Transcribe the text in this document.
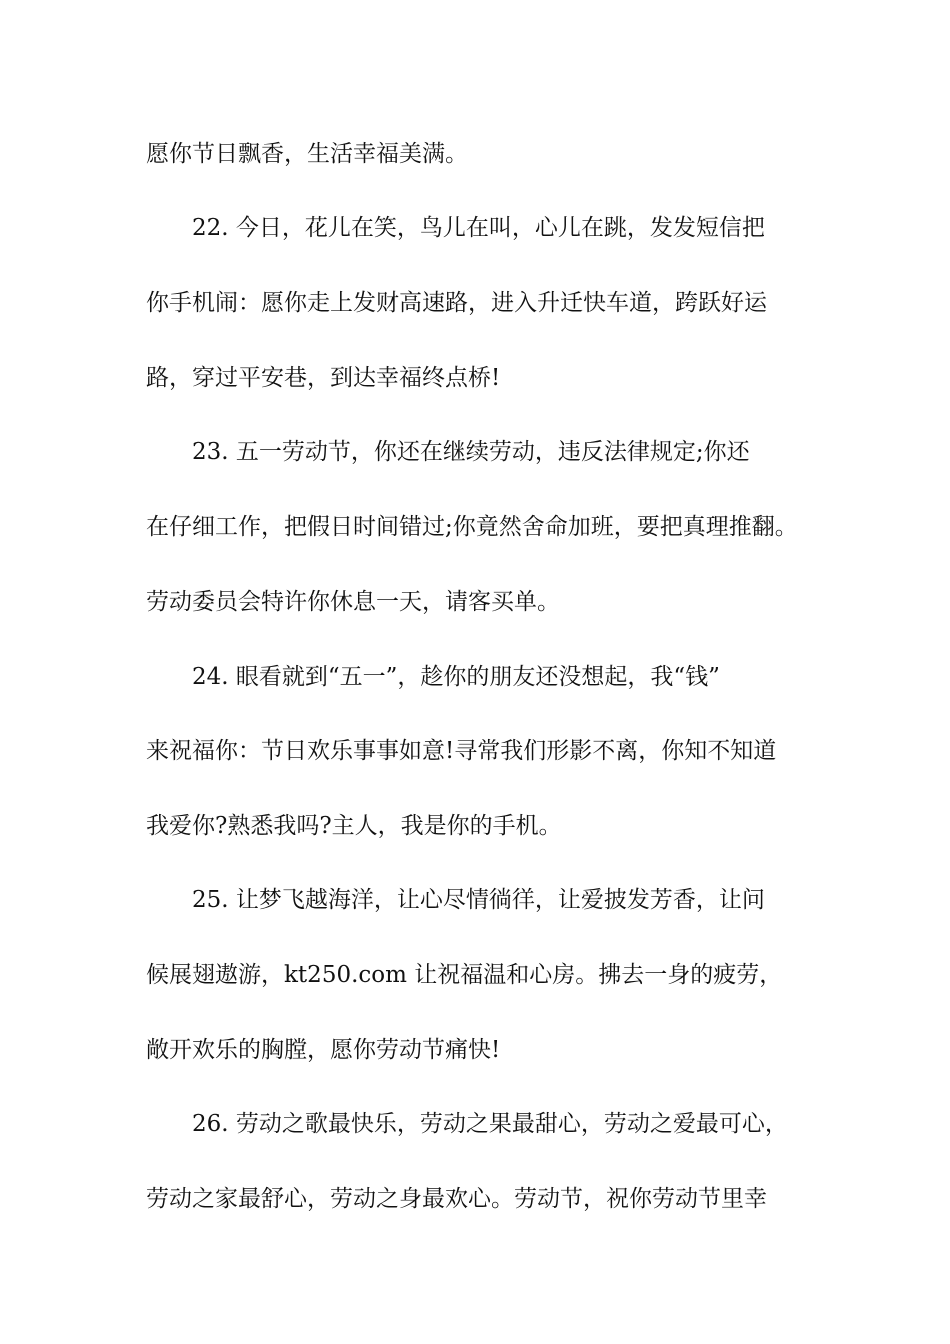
愿你节日飘香，生活幸福美满。
22. 今日，花儿在笑，鸟儿在叫，心儿在跳，发发短信把
你手机闹：愿你走上发财高速路，进入升迁快车道，跨跃好运
路，穿过平安巷，到达幸福终点桥!
23. 五一劳动节，你还在继续劳动，违反法律规定;你还
在仔细工作，把假日时间错过;你竟然舍命加班，要把真理推翻。
劳动委员会特许你休息一天，请客买单。
24. 眼看就到“五一”，趁你的朋友还没想起，我“钱”
来祝福你：节日欢乐事事如意!寻常我们形影不离，你知不知道
我爱你?熟悉我吗?主人，我是你的手机。
25. 让梦飞越海洋，让心尽情徜徉，让爱披发芳香，让问
候展翅遨游，kt250.com 让祝福温和心房。拂去一身的疲劳，
敞开欢乐的胸膛，愿你劳动节痛快!
26. 劳动之歌最快乐，劳动之果最甜心，劳动之爱最可心，
劳动之家最舒心，劳动之身最欢心。劳动节，祝你劳动节里幸
